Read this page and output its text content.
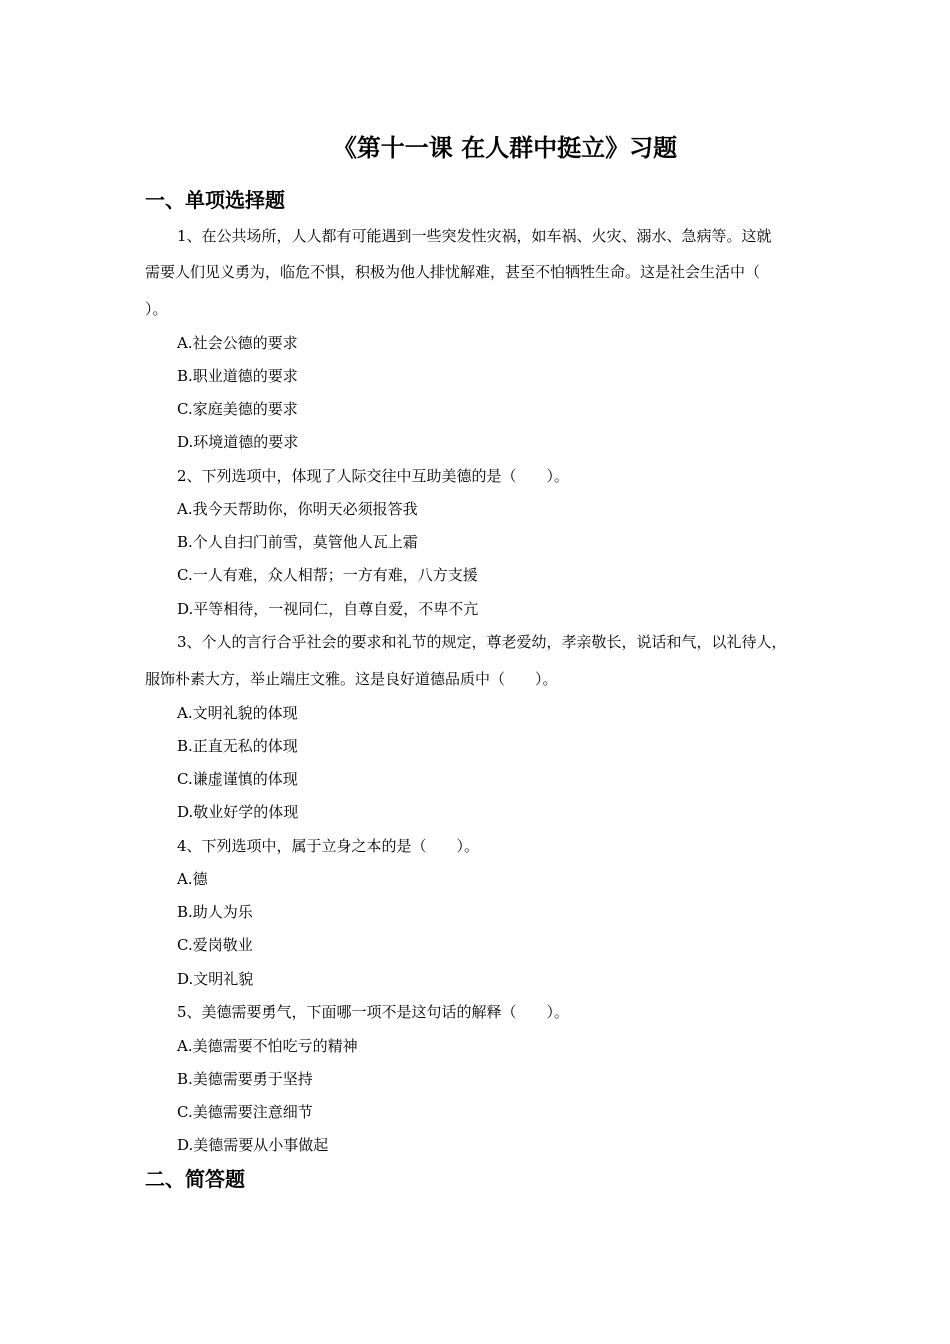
《第十一课 在人群中挺立》习题
一、单项选择题
1、在公共场所，人人都有可能遇到一些突发性灾祸，如车祸、火灾、溺水、急病等。这就
需要人们见义勇为，临危不惧，积极为他人排忧解难，甚至不怕牺牲生命。这是社会生活中（
）。
A.社会公德的要求
B.职业道德的要求
C.家庭美德的要求
D.环境道德的要求
2、下列选项中，体现了人际交往中互助美德的是（　　）。
A.我今天帮助你，你明天必须报答我
B.个人自扫门前雪，莫管他人瓦上霜
C.一人有难，众人相帮；一方有难，八方支援
D.平等相待，一视同仁，自尊自爱，不卑不亢
3、个人的言行合乎社会的要求和礼节的规定，尊老爱幼，孝亲敬长，说话和气，以礼待人，
服饰朴素大方，举止端庄文雅。这是良好道德品质中（　　）。
A.文明礼貌的体现
B.正直无私的体现
C.谦虚谨慎的体现
D.敬业好学的体现
4、下列选项中，属于立身之本的是（　　）。
A.德
B.助人为乐
C.爱岗敬业
D.文明礼貌
5、美德需要勇气，下面哪一项不是这句话的解释（　　）。
A.美德需要不怕吃亏的精神
B.美德需要勇于坚持
C.美德需要注意细节
D.美德需要从小事做起
二、简答题
